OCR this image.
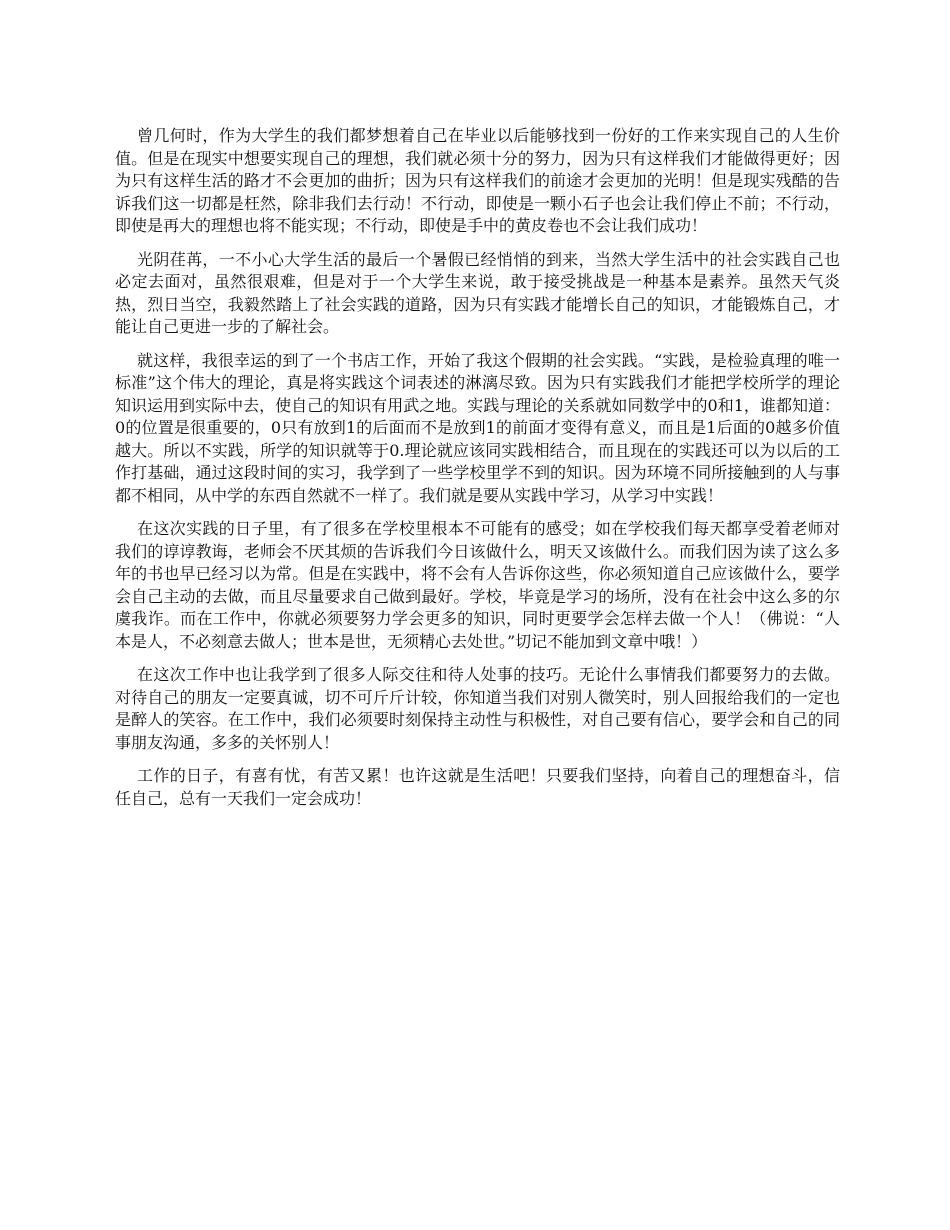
曾几何时，作为大学生的我们都梦想着自己在毕业以后能够找到一份好的工作来实现自己的人生价值。但是在现实中想要实现自己的理想，我们就必须十分的努力，因为只有这样我们才能做得更好；因为只有这样生活的路才不会更加的曲折；因为只有这样我们的前途才会更加的光明！但是现实残酷的告诉我们这一切都是枉然，除非我们去行动！不行动，即使是一颗小石子也会让我们停止不前；不行动，即使是再大的理想也将不能实现；不行动，即使是手中的黄皮卷也不会让我们成功！

光阴荏苒，一不小心大学生活的最后一个暑假已经悄悄的到来，当然大学生活中的社会实践自己也必定去面对，虽然很艰难，但是对于一个大学生来说，敢于接受挑战是一种基本是素养。虽然天气炎热，烈日当空，我毅然踏上了社会实践的道路，因为只有实践才能增长自己的知识，才能锻炼自己，才能让自己更进一步的了解社会。

就这样，我很幸运的到了一个书店工作，开始了我这个假期的社会实践。“实践，是检验真理的唯一标准”这个伟大的理论，真是将实践这个词表述的淋漓尽致。因为只有实践我们才能把学校所学的理论知识运用到实际中去，使自己的知识有用武之地。实践与理论的关系就如同数学中的0和1，谁都知道：0的位置是很重要的，0只有放到1的后面而不是放到1的前面才变得有意义，而且是1后面的0越多价值越大。所以不实践，所学的知识就等于0.理论就应该同实践相结合，而且现在的实践还可以为以后的工作打基础，通过这段时间的实习，我学到了一些学校里学不到的知识。因为环境不同所接触到的人与事都不相同，从中学的东西自然就不一样了。我们就是要从实践中学习，从学习中实践！

在这次实践的日子里，有了很多在学校里根本不可能有的感受；如在学校我们每天都享受着老师对我们的谆谆教诲，老师会不厌其烦的告诉我们今日该做什么，明天又该做什么。而我们因为读了这么多年的书也早已经习以为常。但是在实践中，将不会有人告诉你这些，你必须知道自己应该做什么，要学会自己主动的去做，而且尽量要求自己做到最好。学校，毕竟是学习的场所，没有在社会中这么多的尔虞我诈。而在工作中，你就必须要努力学会更多的知识，同时更要学会怎样去做一个人！（佛说：“人本是人，不必刻意去做人；世本是世，无须精心去处世。”切记不能加到文章中哦！）

在这次工作中也让我学到了很多人际交往和待人处事的技巧。无论什么事情我们都要努力的去做。对待自己的朋友一定要真诚，切不可斤斤计较，你知道当我们对别人微笑时，别人回报给我们的一定也是醉人的笑容。在工作中，我们必须要时刻保持主动性与积极性，对自己要有信心，要学会和自己的同事朋友沟通，多多的关怀别人！

工作的日子，有喜有忧，有苦又累！也许这就是生活吧！只要我们坚持，向着自己的理想奋斗，信任自己，总有一天我们一定会成功！
